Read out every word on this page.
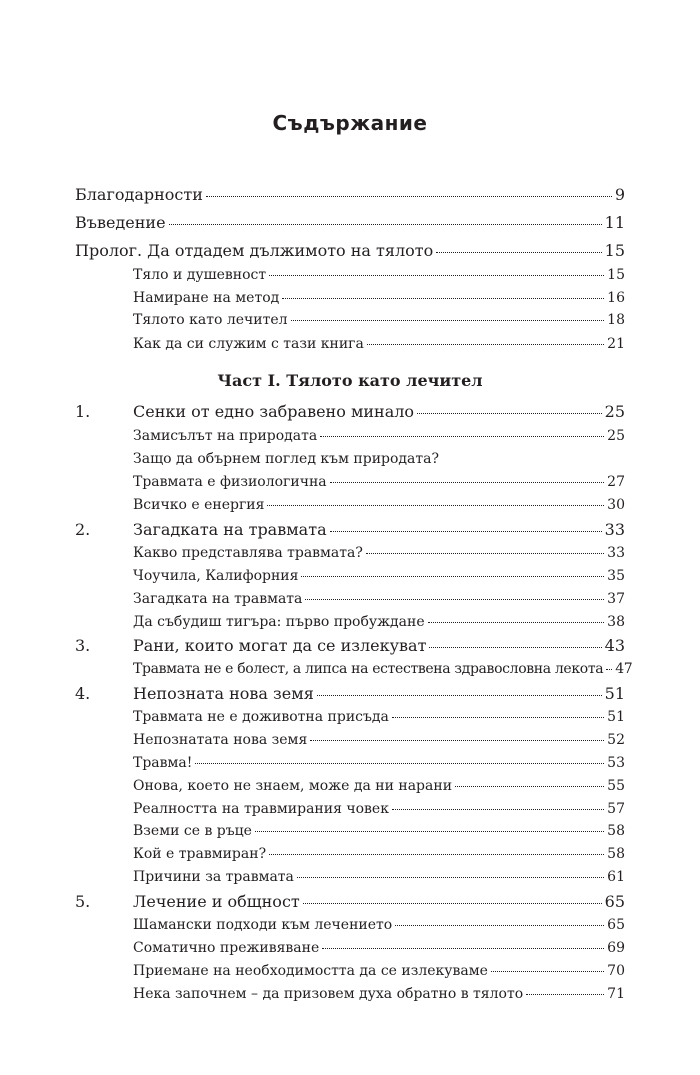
Съдържание
Благодарности	9
Въведение	11
Пролог. Да отдадем дължимото на тялото	15
Тяло и душевност	15
Намиране на метод	16
Тялото като лечител	18
Как да си служим с тази книга	21
Част I. Тялото като лечител
1.	Сенки от едно забравено минало	25
Замисълът на природата	25
Защо да обърнем поглед към природата?
Травмата е физиологична	27
Всичко е енергия	30
2.	Загадката на травмата	33
Какво представлява травмата?	33
Чоучила, Калифорния	35
Загадката на травмата	37
Да събудиш тигъра: първо пробуждане	38
3.	Рани, които могат да се излекуват	43
Травмата не е болест, а липса на естествена здравословна лекота 47
4.	Непозната нова земя	51
Травмата не е доживотна присъда	51
Непознатата нова земя	52
Травма!	53
Онова, което не знаем, може да ни нарани	55
Реалността на травмирания човек	57
Вземи се в ръце	58
Кой е травмиран?	58
Причини за травмата	61
5.	Лечение и общност	65
Шамански подходи към лечението	65
Соматично преживяване	69
Приемане на необходимостта да се излекуваме	70
Нека започнем – да призовем духа обратно в тялото	71
